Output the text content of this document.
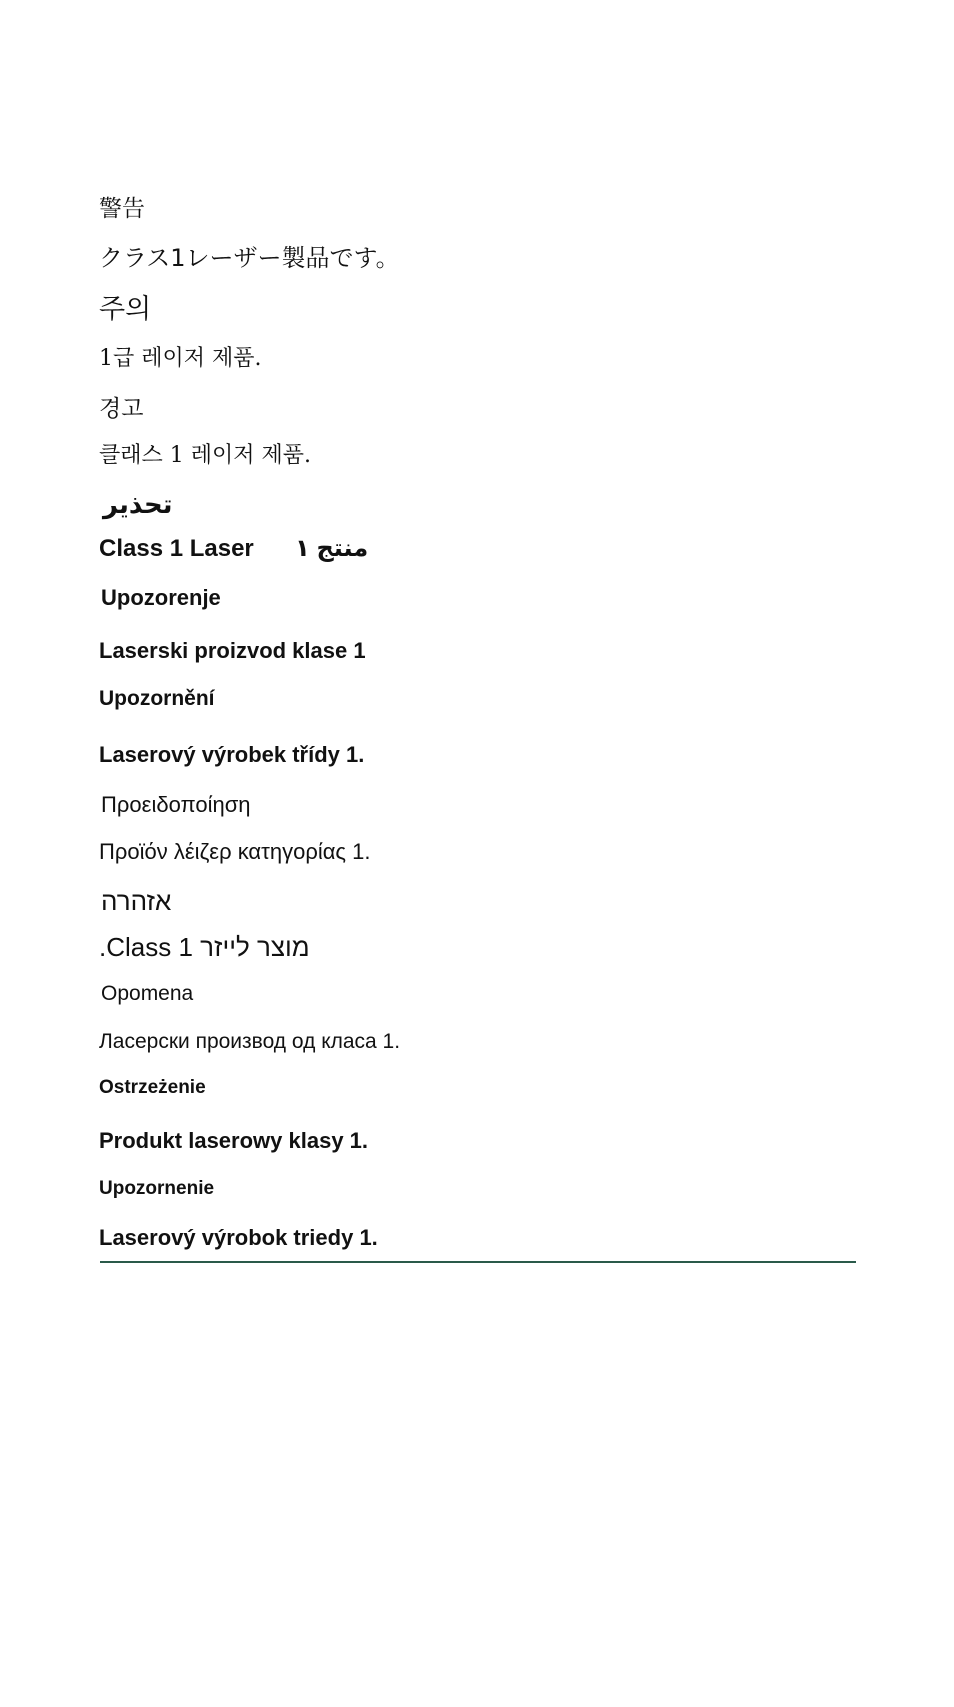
警告
クラス1レーザー製品です。
주의
1급 레이저 제품.
경고
클래스 1 레이저 제품.
تحذير
Class 1 Laser منتج ١
Upozorenje
Laserski proizvod klase 1
Upozornění
Laserový výrobek třídy 1.
Προειδοποίηση
Προϊόν λέιζερ κατηγορίας 1.
אזהרה
.Class 1 מוצר לייזר
Opomena
Ласерски производ од класа 1.
Ostrzeżenie
Produkt laserowy klasy 1.
Upozornenie
Laserový výrobok triedy 1.
